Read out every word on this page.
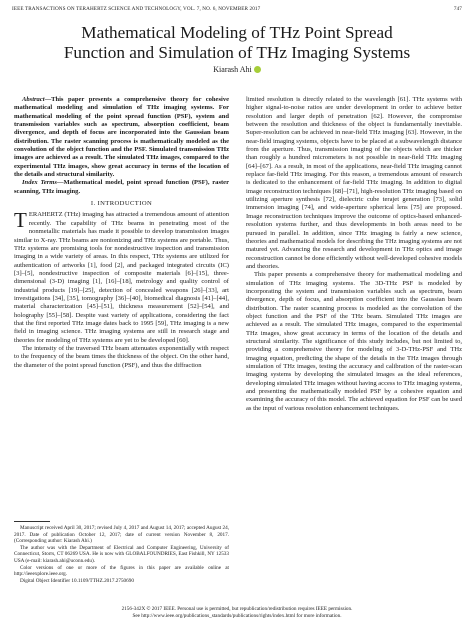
IEEE TRANSACTIONS ON TERAHERTZ SCIENCE AND TECHNOLOGY, VOL. 7, NO. 6, NOVEMBER 2017	747
Mathematical Modeling of THz Point Spread
Function and Simulation of THz Imaging Systems
Kiarash Ahi

Abstract—This paper presents a comprehensive theory for cohesive mathematical modeling and simulation of THz imaging systems. For mathematical modeling of the point spread function (PSF), system and transmission variables such as spectrum, absorption coefficient, beam divergence, and depth of focus are incorporated into the Gaussian beam distribution. The raster scanning process is mathematically modeled as the convolution of the object function and the PSF. Simulated transmission THz images are achieved as a result. The simulated THz images, compared to the experimental THz images, show great accuracy in terms of the location of the details and structural similarity.

Index Terms—Mathematical model, point spread function (PSF), raster scanning, THz imaging.

I. INTRODUCTION

TERAHERTZ (THz) imaging has attracted a tremendous amount of attention recently. The capability of THz beams in penetrating most of the nonmetallic materials has made it possible to develop transmission images similar to X-ray. THz beams are nonionizing and THz systems are portable. Thus, THz systems are promising tools for nondestructive inspection and transmission imaging in a wide variety of areas. In this respect, THz systems are utilized for authentication of artworks [1], food [2], and packaged integrated circuits (IC) [3]–[5], nondestructive inspection of composite materials [6]–[15], three-dimensional (3-D) imaging [1], [16]–[18], metrology and quality control of industrial products [19]–[25], detection of concealed weapons [26]–[33], art investigations [34], [35], tomography [36]–[40], biomedical diagnosis [41]–[44], material characterization [45]–[51], thickness measurement [52]–[54], and holography [55]–[58]. Despite vast variety of applications, considering the fact that the first reported THz image dates back to 1995 [59], THz imaging is a new field in imaging science. THz imaging systems are still in research stage and theories for modeling of THz systems are yet to be developed [60].

The intensity of the traversed THz beam attenuates exponentially with respect to the frequency of the beam times the thickness of the object. On the other hand, the diameter of the point spread function (PSF), and thus the diffraction

Manuscript received April 30, 2017; revised July 4, 2017 and August 14, 2017; accepted August 24, 2017. Date of publication October 12, 2017; date of current version November 8, 2017. (Corresponding author: Kiarash Ahi.)

The author was with the Department of Electrical and Computer Engineering, University of Connecticut, Storrs, CT 06269 USA. He is now with GLOBALFOUNDRIES, East Fishkill, NY 12533 USA (e-mail: kiarash.ahi@uconn.edu).

Color versions of one or more of the figures in this paper are available online at http://ieeexplore.ieee.org.

Digital Object Identifier 10.1109/TTHZ.2017.2750690

limited resolution is directly related to the wavelength [61]. THz systems with higher signal-to-noise ratios are under development in order to achieve better resolution and larger depth of penetration [62]. However, the compromise between the resolution and thickness of the object is fundamentally inevitable. Super-resolution can be achieved in near-field THz imaging [63]. However, in the near-field imaging systems, objects have to be placed at a subwavelength distance from the aperture. Thus, transmission imaging of the objects which are thicker than roughly a hundred micrometers is not possible in near-field THz imaging [64]–[67]. As a result, in most of the applications, near-field THz imaging cannot replace far-field THz imaging. For this reason, a tremendous amount of research is dedicated to the enhancement of far-field THz imaging. In addition to digital image reconstruction techniques [68]–[71], high-resolution THz imaging based on utilizing aperture synthesis [72], dielectric cube terajet generation [73], solid immersion imaging [74], and wide-aperture spherical lens [75] are proposed. Image reconstruction techniques improve the outcome of optics-based enhanced-resolution systems further, and thus developments in both areas need to be pursued in parallel. In addition, since THz imaging is fairly a new science, theories and mathematical models for describing the THz imaging systems are not matured yet. Advancing the research and development in THz optics and image reconstruction cannot be done efficiently without well-developed cohesive models and theories.

This paper presents a comprehensive theory for mathematical modeling and simulation of THz imaging systems. The 3D-THz PSF is modeled by incorporating the system and transmission variables such as spectrum, beam divergence, depth of focus, and absorption coefficient into the Gaussian beam distribution. The raster scanning process is modeled as the convolution of the object function and the PSF of the THz beam. Simulated THz images are achieved as a result. The simulated THz images, compared to the experimental THz images, show great accuracy in terms of the location of the details and structural similarity. The significance of this study includes, but not limited to, providing a comprehensive theory for modeling of 3-D-THz-PSF and THz imaging equation, predicting the shape of the details in the THz images through simulation of THz images, testing the accuracy and calibration of the raster-scan imaging systems by developing the simulated images as the ideal references, developing simulated THz images without having access to THz imaging systems, and presenting the mathematically modeled PSF by a cohesive equation and examining the accuracy of this model. The achieved equation for PSF can be used as the input of various resolution enhancement techniques.

2156-342X © 2017 IEEE. Personal use is permitted, but republication/redistribution requires IEEE permission.
See http://www.ieee.org/publications_standards/publications/rights/index.html for more information.
